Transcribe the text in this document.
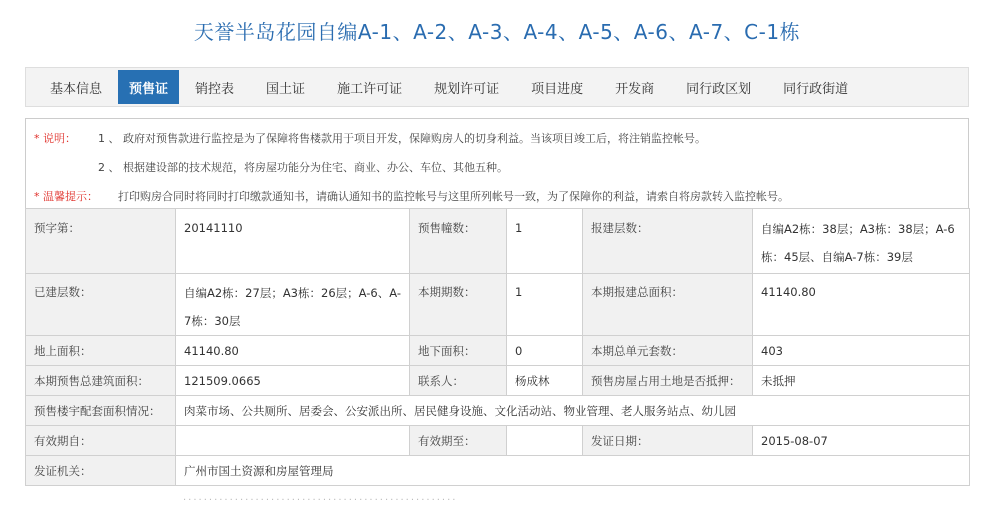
天誉半岛花园自编A-1、A-2、A-3、A-4、A-5、A-6、A-7、C-1栋
基本信息	预售证	销控表	国土证	施工许可证	规划许可证	项目进度	开发商	同行政区划	同行政街道
* 说明： 1 、 政府对预售款进行监控是为了保障将售楼款用于项目开发，保障购房人的切身利益。当该项目竣工后，将注销监控帐号。
2 、 根据建设部的技术规范，将房屋功能分为住宅、商业、办公、车位、其他五种。
* 温馨提示： 打印购房合同时将同时打印缴款通知书，请确认通知书的监控帐号与这里所列帐号一致，为了保障你的利益，请索自将房款转入监控帐号。
预字第：	20141110	预售幢数：	1	报建层数：	自编A2栋：38层；A3栋：38层；A-6栋：45层、自编A-7栋：39层
已建层数：	自编A2栋：27层；A3栋：26层；A-6、A-7栋：30层	本期期数：	1	本期报建总面积：	41140.80
地上面积：	41140.80	地下面积：	0	本期总单元套数：	403
本期预售总建筑面积：	121509.0665	联系人：	杨成林	预售房屋占用土地是否抵押：	未抵押
预售楼宇配套面积情况：	肉菜市场、公共厕所、居委会、公安派出所、居民健身设施、文化活动站、物业管理、老人服务站点、幼儿园				
有效期自：		有效期至：		发证日期：	2015-08-07
发证机关：	广州市国土资源和房屋管理局				
·····················································
